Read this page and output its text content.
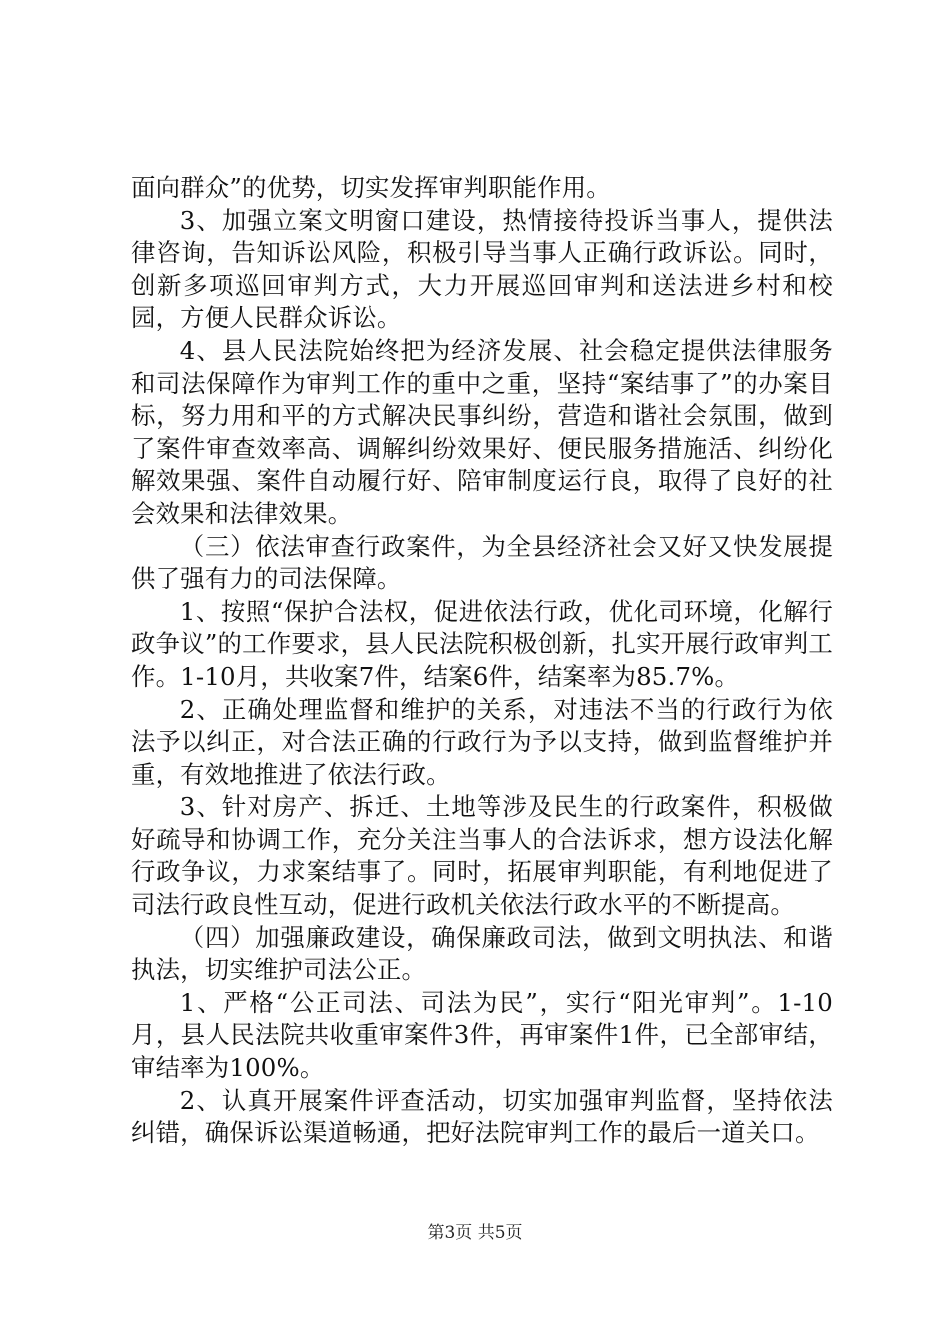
面向群众”的优势，切实发挥审判职能作用。

3、加强立案文明窗口建设，热情接待投诉当事人，提供法律咨询，告知诉讼风险，积极引导当事人正确行政诉讼。同时，创新多项巡回审判方式，大力开展巡回审判和送法进乡村和校园，方便人民群众诉讼。

4、县人民法院始终把为经济发展、社会稳定提供法律服务和司法保障作为审判工作的重中之重，坚持“案结事了”的办案目标，努力用和平的方式解决民事纠纷，营造和谐社会氛围，做到了案件审查效率高、调解纠纷效果好、便民服务措施活、纠纷化解效果强、案件自动履行好、陪审制度运行良，取得了良好的社会效果和法律效果。

（三）依法审查行政案件，为全县经济社会又好又快发展提供了强有力的司法保障。

1、按照“保护合法权，促进依法行政，优化司环境，化解行政争议”的工作要求，县人民法院积极创新，扎实开展行政审判工作。1-10月，共收案7件，结案6件，结案率为85.7%。

2、正确处理监督和维护的关系，对违法不当的行政行为依法予以纠正，对合法正确的行政行为予以支持，做到监督维护并重，有效地推进了依法行政。

3、针对房产、拆迁、土地等涉及民生的行政案件，积极做好疏导和协调工作，充分关注当事人的合法诉求，想方设法化解行政争议，力求案结事了。同时，拓展审判职能，有利地促进了司法行政良性互动，促进行政机关依法行政水平的不断提高。

（四）加强廉政建设，确保廉政司法，做到文明执法、和谐执法，切实维护司法公正。

1、严格“公正司法、司法为民”，实行“阳光审判”。1-10月，县人民法院共收重审案件3件，再审案件1件，已全部审结，审结率为100%。

2、认真开展案件评查活动，切实加强审判监督，坚持依法纠错，确保诉讼渠道畅通，把好法院审判工作的最后一道关口。

第3页 共5页
